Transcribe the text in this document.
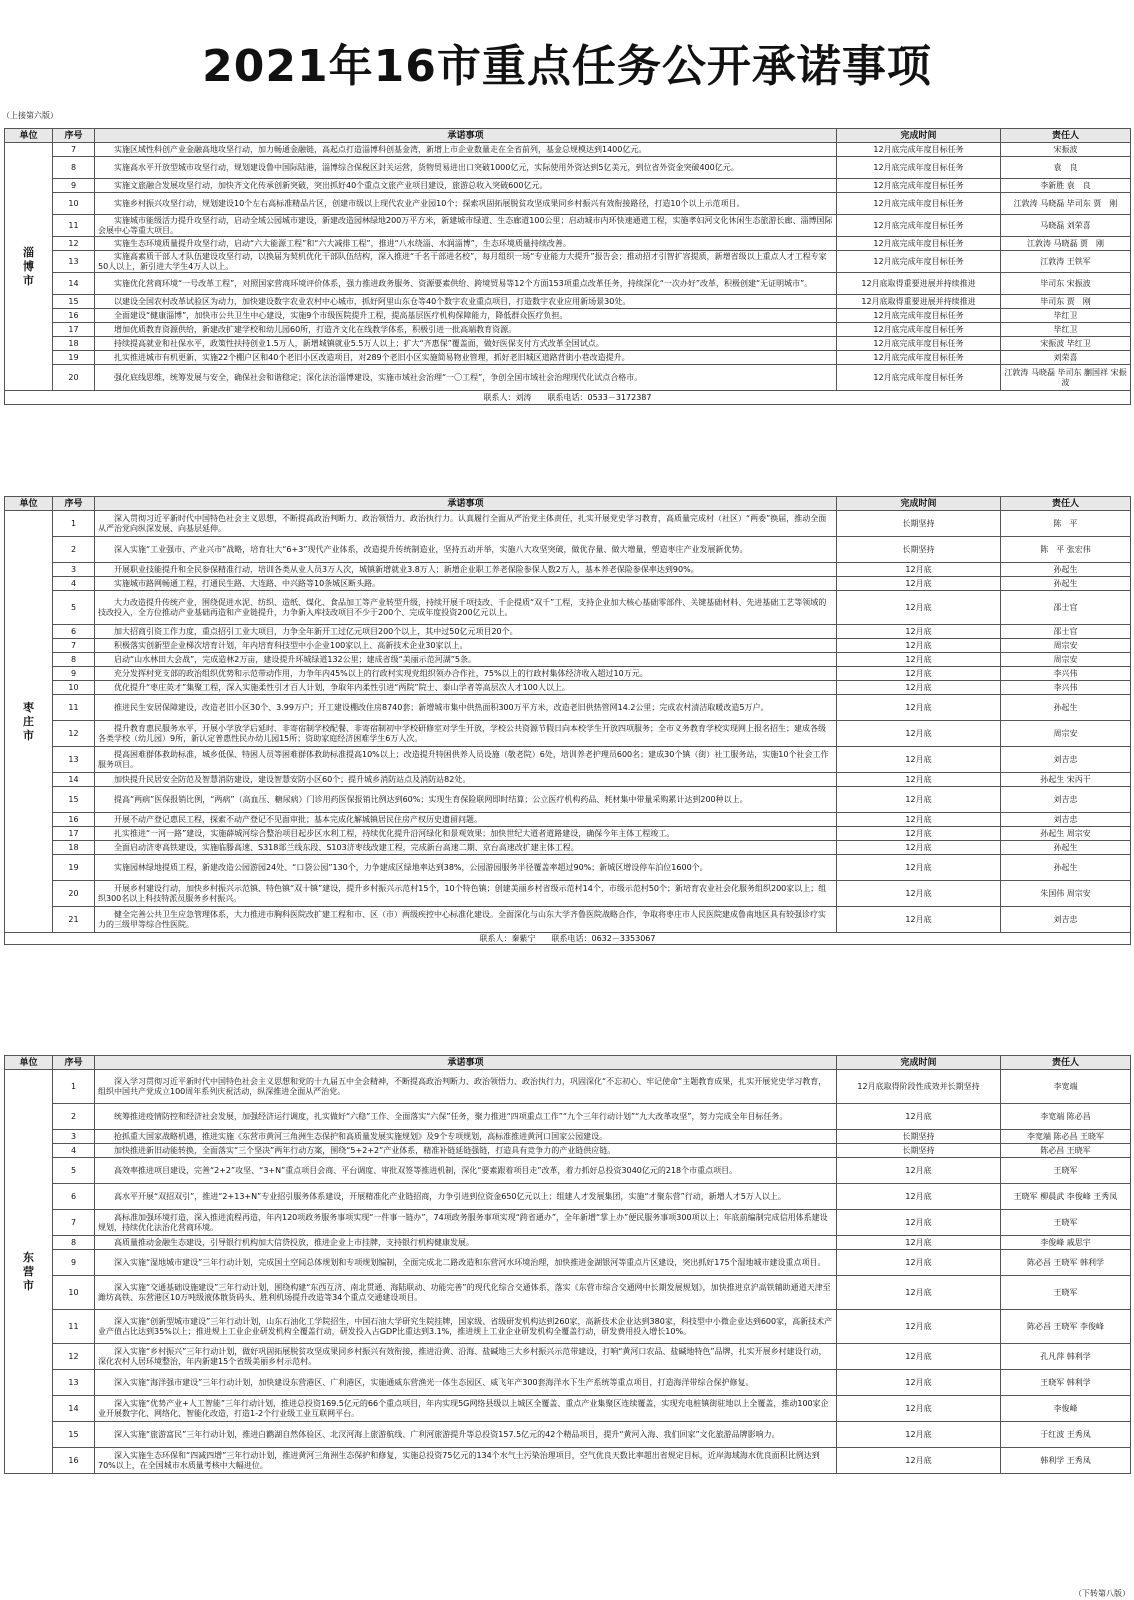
2021年16市重点任务公开承诺事项
（上接第六版）
单位	序号	承诺事项	完成时间	责任人
淄博市	7	实施区域性科创产业金融高地攻坚行动，加力畅通金融链，高起点打造淄博科创基金湾，新增上市企业数量走在全省前列，基金总规模达到1400亿元。	12月底完成年度目标任务	宋振波
	8	实施高水平开放型城市攻坚行动，规划建设鲁中国际陆港，淄博综合保税区封关运营，货物贸易进出口突破1000亿元，实际使用外资达到5亿美元，到位省外资金突破400亿元。	12月底完成年度目标任务	袁　良
	9	实施文旅融合发展攻坚行动，加快齐文化传承创新突破，突出抓好40个重点文旅产业项目建设，旅游总收入突破600亿元。	12月底完成年度目标任务	李新胜 袁　良
	10	实施乡村振兴攻坚行动，规划建设10个左右高标准精品片区，创建市级以上现代农业产业园10个；探索巩固拓展脱贫攻坚成果同乡村振兴有效衔接路径，打造10个以上示范项目。	12月底完成年度目标任务	江敦涛 马晓磊 毕司东 贾　刚
	11	实施城市能级活力提升攻坚行动，启动全域公园城市建设，新建改造园林绿地200万平方米，新建城市绿道、生态廊道100公里；启动城市内环快速通道工程，实施孝妇河文化休闲生态旅游长廊、淄博国际会展中心等重大项目。	12月底完成年度目标任务	马晓磊 刘荣喜
	12	实施生态环境质量提升攻坚行动，启动“六大能源工程”和“六大减排工程”，推进“八水绕淄、水润淄博”，生态环境质量持续改善。	12月底完成年度目标任务	江敦涛 马晓磊 贾　刚
	13	实施高素质干部人才队伍建设攻坚行动，以换届为契机优化干部队伍结构，深入推进“千名干部进名校”，每月组织一场“专业能力大提升”报告会；推动招才引智扩容提质，新增省级以上重点人才工程专家50人以上，新引进大学生4万人以上。	12月底完成年度目标任务	江敦涛 王铁军
	14	实施优化营商环境“一号改革工程”，对照国家营商环境评价体系，强力推进政务服务、资源要素供给、跨境贸易等12个方面153项重点改革任务，持续深化“一次办好”改革，积极创建“无证明城市”。	12月底取得重要进展并持续推进	毕司东 宋振波
	15	以建设全国农村改革试验区为动力，加快建设数字农业农村中心城市，抓好阿里山东仓等40个数字农业重点项目，打造数字农业应用新场景30处。	12月底取得重要进展并持续推进	毕司东 贾　刚
	16	全面建设“健康淄博”，加快市公共卫生中心建设，实施9个市级医院提升工程，提高基层医疗机构保障能力，降低群众医疗负担。	12月底完成年度目标任务	毕红卫
	17	增加优质教育资源供给，新建改扩建学校和幼儿园60所，打造齐文化在线教学体系，积极引进一批高端教育资源。	12月底完成年度目标任务	毕红卫
	18	持续提高就业和社保水平，政策性扶持创业1.5万人，新增城镇就业5.5万人以上；扩大“齐惠保”覆盖面，做好医保支付方式改革全国试点。	12月底完成年度目标任务	宋振波 毕红卫
	19	扎实推进城市有机更新，实施22个棚户区和40个老旧小区改造项目，对289个老旧小区实施简易物业管理，抓好老旧城区道路背街小巷改造提升。	12月底完成年度目标任务	刘荣喜
	20	强化底线思维，统筹发展与安全，确保社会和谐稳定；深化法治淄博建设，实施市域社会治理“一〇工程”，争创全国市域社会治理现代化试点合格市。	12月底完成年度目标任务	江敦涛 马晓磊 毕司东 蒯国祥 宋振波
联系人：刘涛　　联系电话：0533－3172387				
单位	序号	承诺事项	完成时间	责任人
枣庄市	1	深入贯彻习近平新时代中国特色社会主义思想，不断提高政治判断力、政治领悟力、政治执行力。认真履行全面从严治党主体责任，扎实开展党史学习教育，高质量完成村（社区）“两委”换届，推动全面从严治党向纵深发展、向基层延伸。	长期坚持	陈　平
	2	深入实施“工业强市、产业兴市”战略，培育壮大“6+3”现代产业体系，改造提升传统制造业，坚持五动并举，实施八大攻坚突破，做优存量、做大增量，塑造枣庄产业发展新优势。	长期坚持	陈　平 张宏伟
	3	开展职业技能提升和全民参保精准行动，培训各类从业人员3万人次，城镇新增就业3.8万人；新增企业职工养老保险参保人数2万人，基本养老保险参保率达到90%。	12月底	孙起生
	4	实施城市路网畅通工程，打通民生路、大连路、中兴路等10条城区断头路。	12月底	孙起生
	5	大力改造提升传统产业，围绕促进水泥、纺织、造纸、煤化、食品加工等产业转型升级，持续开展千项技改、千企提质“双千”工程，支持企业加大核心基础零部件、关键基础材料、先进基础工艺等领域的技改投入，全方位推动产业基础再造和产业链提升，力争新入库技改项目不少于200个、完成年度投资200亿元以上。	12月底	邵士官
	6	加大招商引资工作力度，重点招引工业大项目，力争全年新开工过亿元项目200个以上，其中过50亿元项目20个。	12月底	邵士官
	7	积极落实创新型企业梯次培育计划，年内培育科技型中小企业100家以上、高新技术企业30家以上。	12月底	周宗安
	8	启动“山水林田大会战”，完成造林2万亩，建设提升环城绿道132公里；建成省级“美丽示范河湖”5条。	12月底	周宗安
	9	充分发挥村党支部的政治组织优势和示范带动作用，力争年内45%以上的行政村实现党组织领办合作社，75%以上的行政村集体经济收入超过10万元。	12月底	李兴伟
	10	优化提升“枣庄英才”集聚工程，深入实施柔性引才百人计划，争取年内柔性引进“两院”院士、泰山学者等高层次人才100人以上。	12月底	李兴伟
	11	推进民生安居保障建设，改造老旧小区30个、3.99万户；开工建设棚改住房8740套；新增城市集中供热面积300万平方米，改造老旧供热管网14.2公里；完成农村清洁取暖改造5万户。	12月底	孙起生
	12	提升教育惠民服务水平，开展小学放学后延时、非寄宿制学校配餐、非寄宿制初中学校研修室对学生开放，学校公共资源节假日向本校学生开放四项服务；全市义务教育学校实现网上报名招生；建成各级各类学校（幼儿园）9所，新认定普惠性民办幼儿园15所；资助家庭经济困难学生6万人次。	12月底	周宗安
	13	提高困难群体救助标准，城乡低保、特困人员等困难群体救助标准提高10%以上；改造提升特困供养人员设施（敬老院）6处，培训养老护理员600名；建成30个镇（街）社工服务站，实施10个社会工作服务项目。	12月底	刘吉忠
	14	加快提升民居安全防范及智慧消防建设，建设智慧安防小区60个；提升城乡消防站点及消防站82处。	12月底	孙起生 宋丙干
	15	提高“两病”医保报销比例，“两病”（高血压、糖尿病）门诊用药医保报销比例达到60%；实现生育保险联网即时结算；公立医疗机构药品、耗材集中带量采购累计达到200种以上。	12月底	刘吉忠
	16	开展不动产登记惠民工程，探索不动产登记不见面审批；基本完成化解城镇居民住房产权历史遗留问题。	12月底	刘吉忠
	17	扎实推进“一河一路”建设，实施薛城河综合整治项目起步区水利工程，持续优化提升沿河绿化和景观效果；加快世纪大道者道路建设，确保今年主体工程竣工。	12月底	孙起生 周宗安
	18	全面启动济枣高铁建设，实施临滕高速、S318郯兰线东段、S103济枣线改建工程，完成新台高速二期、京台高速改扩建主体工程。	12月底	孙起生
	19	实施园林绿地提质工程，新建改造公园游园24处、“口袋公园”130个，力争建成区绿地率达到38%，公园游园服务半径覆盖率超过90%；新城区增设停车泊位1600个。	12月底	孙起生
	20	开展乡村建设行动，加快乡村振兴示范镇、特色镇“双十镇”建设，提升乡村振兴示范村15个，10个特色镇；创建美丽乡村省级示范村14个、市级示范村50个；新培育农业社会化服务组织200家以上；组织300名以上科技特派员服务乡村振兴。	12月底	朱国伟 周宗安
	21	健全完善公共卫生应急管理体系，大力推进市胸科医院改扩建工程和市、区（市）两级疾控中心标准化建设。全面深化与山东大学齐鲁医院战略合作，争取将枣庄市人民医院建成鲁南地区具有较强诊疗实力的三级甲等综合性医院。	12月底	刘吉忠
联系人：秦紫宁　　联系电话：0632－3353067				
单位	序号	承诺事项	完成时间	责任人
东营市	1	深入学习贯彻习近平新时代中国特色社会主义思想和党的十九届五中全会精神，不断提高政治判断力、政治领悟力、政治执行力，巩固深化“不忘初心、牢记使命”主题教育成果，扎实开展党史学习教育，组织中国共产党成立100周年系列庆祝活动，纵深推进全面从严治党。	12月底取得阶段性成效并长期坚持	李宽端
	2	统筹推进疫情防控和经济社会发展，加强经济运行调度，扎实做好“六稳”工作、全面落实“六保”任务，聚力推进“四项重点工作”“九个三年行动计划”“九大改革攻坚”，努力完成全年目标任务。	12月底	李宽端 陈必昌
	3	抢抓重大国家战略机遇，推进实施《东营市黄河三角洲生态保护和高质量发展实施规划》及9个专项规划，高标准推进黄河口国家公园建设。	长期坚持	李宽端 陈必昌 王晓军
	4	加快推进新旧动能转换，全面落实“三个坚决”两年行动方案，围绕“5+2+2”产业体系，精准补链延链强链，打造具有竞争力的产业链供应链。	长期坚持	陈必昌 王晓军
	5	高效率推进项目建设，完善“2+2”攻坚、“3+N”重点项目会商、平台调度、审批双签等推进机制，深化“要素跟着项目走”改革，着力抓好总投资3040亿元的218个市重点项目。	12月底	王晓军
	6	高水平开展“双招双引”，推进“2+13+N”专业招引服务体系建设，开展精准化产业链招商，力争引进到位资金650亿元以上；组建人才发展集团，实施“才聚东营”行动，新增人才5万人以上。	12月底	王晓军 柳晨武 李俊峰 王秀凤
	7	高标准加强环境打造，深入推进流程再造，年内120项政务服务事项实现“一件事一链办”，74项政务服务事项实现“跨省通办”，全年新增“掌上办”便民服务事项300项以上；年底前编制完成信用体系建设规划，持续优化法治化营商环境。	12月底	王晓军
	8	高质量推动金融生态建设，引导银行机构加大信贷投放，推进企业上市挂牌，支持银行机构健康发展。	12月底	李俊峰 戚思宇
	9	深入实施“湿地城市建设”三年行动计划，完成国土空间总体规划和专项规划编制，全面完成北二路改造和东营河水环境治理，加快推进金湖银河等重点片区建设，突出抓好175个湿地城市建设重点项目。	12月底	陈必昌 王晓军 韩利学
	10	深入实施“交通基础设施建设”三年行动计划，围绕构建“东西互济、南北贯通、海陆联动、功能完善”的现代化综合交通体系，落实《东营市综合交通网中长期发展规划》，加快推进京沪高铁辅助通道天津至潍坊高铁、东营港区10万吨级液体散货码头、胜利机场提升改造等34个重点交通建设项目。	12月底	王晓军
	11	深入实施“创新型城市建设”三年行动计划，山东石油化工学院招生，中国石油大学研究生院挂牌，国家级、省级研发机构达到260家，高新技术企业达到380家，科技型中小微企业达到600家，高新技术产业产值占比达到35%以上；推进规上工业企业研发机构全覆盖行动，研发投入占GDP比重达到3.1%，推进规上工业企业研发机构全覆盖行动，研发费用投入增长10%。	12月底	陈必昌 王晓军 李俊峰
	12	深入实施“乡村振兴”三年行动计划，做好巩固拓展脱贫攻坚成果同乡村振兴有效衔接，推进沿黄、沿海、盐碱地三大乡村振兴示范带建设，打响“黄河口农品、盐碱地特色”品牌，扎实开展乡村建设行动，深化农村人居环境整治，年内新建15个省级美丽乡村示范村。	12月底	孔凡萍 韩利学
	13	深入实施“海洋强市建设”三年行动计划，加快建设东营港区、广利港区，实施通威东营渔光一体生态园区、威飞年产300套海洋水下生产系统等重点项目，打造海洋带综合保护修复。	12月底	王晓军 韩利学
	14	深入实施“优势产业+人工智能”三年行动计划，推进总投资169.5亿元的66个重点项目，年内实现5G网络县级以上城区全覆盖、重点产业集聚区连续覆盖，实现充电桩镇街驻地以上全覆盖，推动100家企业开展数字化、网络化、智能化改造，打造1-2个行业级工业互联网平台。	12月底	李俊峰
	15	深入实施“旅游富民”三年行动计划，推进白鹳湖自然体验区、北汊河海上旅游航线、广利河旅游提升等总投资157.5亿元的42个精品项目，提升“黄河入海、我们回家”文化旅游品牌影响力。	12月底	于红波 王秀凤
	16	深入实施生态环保和“四减四增”三年行动计划，推进黄河三角洲生态保护和修复，实施总投资75亿元的134个水气土污染治理项目，空气优良天数比率超出省规定目标，近岸海域海水优良面积比例达到70%以上，在全国城市水质量考核中大幅进位。	12月底	韩利学 王秀凤
（下转第八版）
